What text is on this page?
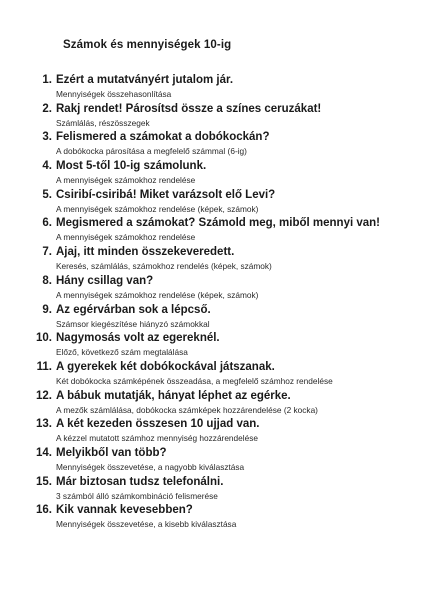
Számok és mennyiségek 10-ig
1. Ezért a mutatványért jutalom jár.
Mennyiségek összehasonlítása
2. Rakj rendet! Párosítsd össze a színes ceruzákat!
Számlálás, részösszegek
3. Felismered a számokat a dobókockán?
A dobókocka párosítása a megfelelő számmal (6-ig)
4. Most 5-től 10-ig számolunk.
A mennyiségek számokhoz rendelése
5. Csiribí-csiribá! Miket varázsolt elő Levi?
A mennyiségek számokhoz rendelése (képek, számok)
6. Megismered a számokat? Számold meg, miből mennyi van!
A mennyiségek számokhoz rendelése
7. Ajaj, itt minden összekeveredett.
Keresés, számlálás, számokhoz rendelés (képek, számok)
8. Hány csillag van?
A mennyiségek számokhoz rendelése (képek, számok)
9. Az egérvárban sok a lépcső.
Számsor kiegészítése hiányzó számokkal
10. Nagymosás volt az egereknél.
Előző, következő szám megtalálása
11. A gyerekek két dobókockával játszanak.
Két dobókocka számképének összeadása, a megfelelő számhoz rendelése
12. A bábuk mutatják, hányat léphet az egérke.
A mezők számlálása, dobókocka számképek hozzárendelése (2 kocka)
13. A két kezeden összesen 10 ujjad van.
A kézzel mutatott számhoz mennyiség hozzárendelése
14. Melyikből van több?
Mennyiségek összevetése, a nagyobb kiválasztása
15. Már biztosan tudsz telefonálni.
3 számból álló számkombináció felismerése
16. Kik vannak kevesebben?
Mennyiségek összevetése, a kisebb kiválasztása
